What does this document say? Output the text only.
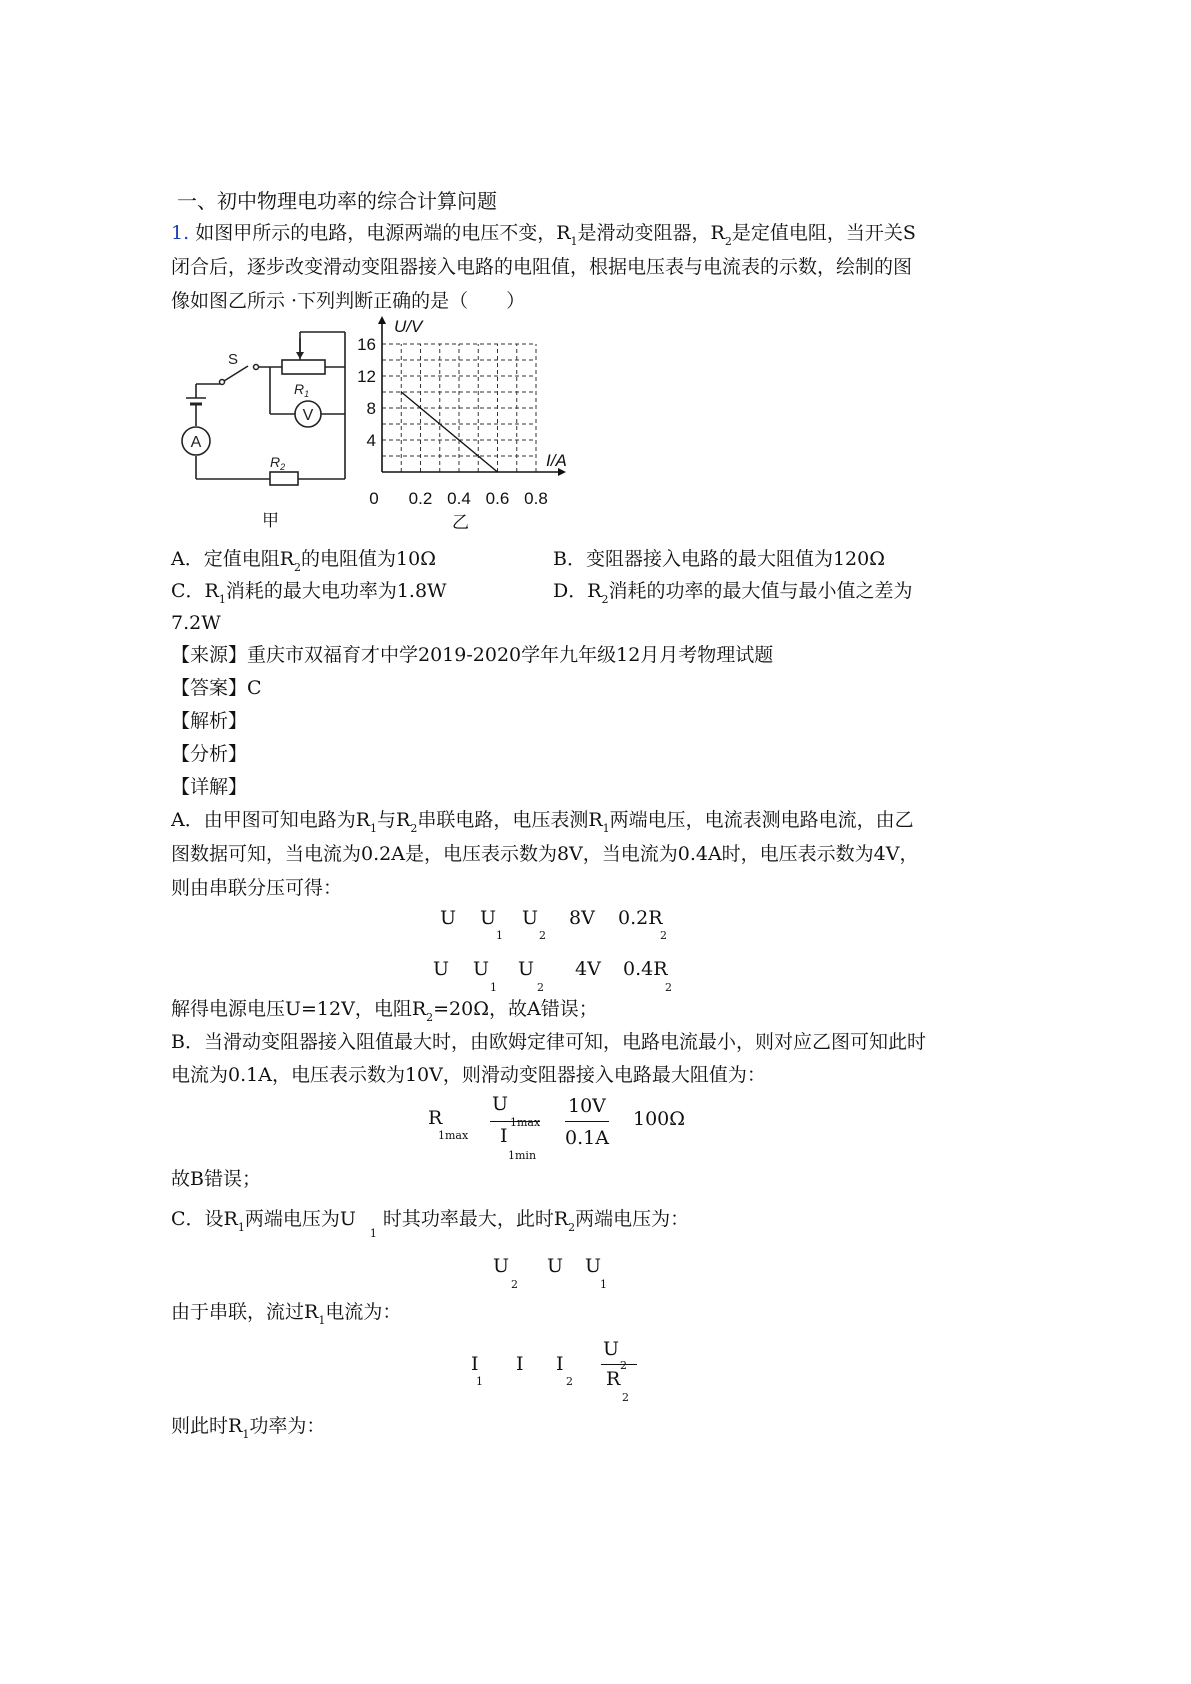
一、初中物理电功率的综合计算问题
1. 如图甲所示的电路，电源两端的电压不变，$R_1$是滑动变阻器，$R_2$是定值电阻，当开关S
闭合后，逐步改变滑动变阻器接入电路的电阻值，根据电压表与电流表的示数，绘制的图
像如图乙所示 ·下列判断正确的是（　　）
S
A
$R_1$
V
$R_2$
甲
U/V
I/A
0 0.2 0.4 0.6 0.8
4
8
12
16
乙
A．定值电阻$R_2$的电阻值为10Ω	B．变阻器接入电路的最大阻值为120Ω
C．$R_1$消耗的最大电功率为1.8W	D．$R_2$消耗的功率的最大值与最小值之差为
7.2W
【来源】重庆市双福育才中学2019-2020学年九年级12月月考物理试题
【答案】C
【解析】
【分析】
【详解】
A．由甲图可知电路为$R_1$与$R_2$串联电路，电压表测$R_1$两端电压，电流表测电路电流，由乙
图数据可知，当电流为0.2A是，电压表示数为8V，当电流为0.4A时，电压表示数为4V，
则由串联分压可得：
U U
1
U
2
8V 0.2R
2
U U
1
U
2
4V 0.4R
2
解得电源电压U=12V，电阻$R_2=20\Omega$，故A错误；
B．当滑动变阻器接入阻值最大时，由欧姆定律可知，电路电流最小，则对应乙图可知此时
电流为0.1A，电压表示数为10V，则滑动变阻器接入电路最大阻值为：
R
1max
U
1max
I
1min
10V
0.1A
100Ω
故B错误；
C．设$R_1$两端电压为$U_1$时其功率最大，此时$R_2$两端电压为：
U
2
U U
1
由于串联，流过$R_1$电流为：
I
1
I I
2
U
2
R
2
则此时$R_1$功率为：
